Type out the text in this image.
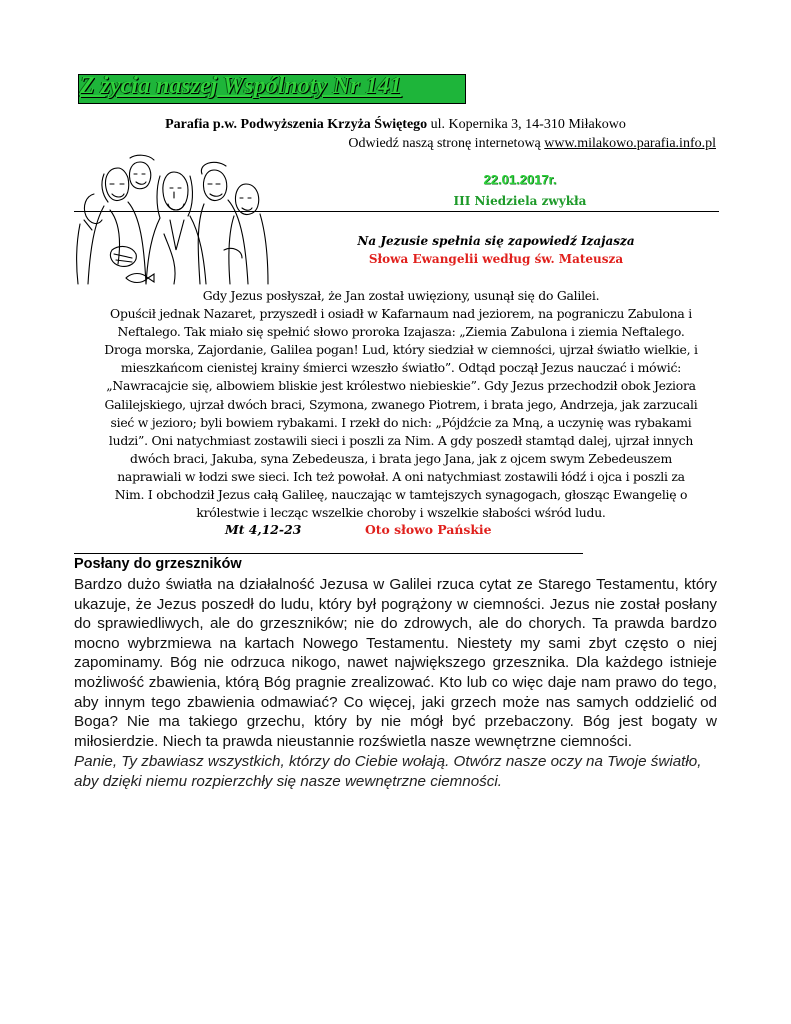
Z życia naszej Wspólnoty Nr 141
Parafia p.w. Podwyższenia Krzyża Świętego ul. Kopernika 3, 14-310 Miłakowo
Odwiedź naszą stronę internetową www.milakowo.parafia.info.pl
22.01.2017r.
III Niedziela zwykła
Na Jezusie spełnia się zapowiedź Izajasza
Słowa Ewangelii według św. Mateusza
Gdy Jezus posłyszał, że Jan został uwięziony, usunął się do Galilei.
Opuścił jednak Nazaret, przyszedł i osiadł w Kafarnaum nad jeziorem, na pograniczu Zabulona i
Neftalego. Tak miało się spełnić słowo proroka Izajasza: „Ziemia Zabulona i ziemia Neftalego.
Droga morska, Zajordanie, Galilea pogan! Lud, który siedział w ciemności, ujrzał światło wielkie, i
mieszkańcom cienistej krainy śmierci wzeszło światło”. Odtąd począł Jezus nauczać i mówić:
„Nawracajcie się, albowiem bliskie jest królestwo niebieskie”. Gdy Jezus przechodził obok Jeziora
Galilejskiego, ujrzał dwóch braci, Szymona, zwanego Piotrem, i brata jego, Andrzeja, jak zarzucali
sieć w jezioro; byli bowiem rybakami. I rzekł do nich: „Pójdźcie za Mną, a uczynię was rybakami
ludzi”. Oni natychmiast zostawili sieci i poszli za Nim. A gdy poszedł stamtąd dalej, ujrzał innych
dwóch braci, Jakuba, syna Zebedeusza, i brata jego Jana, jak z ojcem swym Zebedeuszem
naprawiali w łodzi swe sieci. Ich też powołał. A oni natychmiast zostawili łódź i ojca i poszli za
Nim. I obchodził Jezus całą Galileę, nauczając w tamtejszych synagogach, głosząc Ewangelię o
królestwie i lecząc wszelkie choroby i wszelkie słabości wśród ludu.
Mt 4,12-23	Oto słowo Pańskie
Posłany do grzeszników
Bardzo dużo światła na działalność Jezusa w Galilei rzuca cytat ze Starego Testamentu, który ukazuje, że Jezus poszedł do ludu, który był pogrążony w ciemności. Jezus nie został posłany do sprawiedliwych, ale do grzeszników; nie do zdrowych, ale do chorych. Ta prawda bardzo mocno wybrzmiewa na kartach Nowego Testamentu. Niestety my sami zbyt często o niej zapominamy. Bóg nie odrzuca nikogo, nawet największego grzesznika. Dla każdego istnieje możliwość zbawienia, którą Bóg pragnie zrealizować. Kto lub co więc daje nam prawo do tego, aby innym tego zbawienia odmawiać? Co więcej, jaki grzech może nas samych oddzielić od Boga? Nie ma takiego grzechu, który by nie mógł być przebaczony. Bóg jest bogaty w miłosierdzie. Niech ta prawda nieustannie rozświetla nasze wewnętrzne ciemności.
Panie, Ty zbawiasz wszystkich, którzy do Ciebie wołają. Otwórz nasze oczy na Twoje światło, aby dzięki niemu rozpierzchły się nasze wewnętrzne ciemności.
